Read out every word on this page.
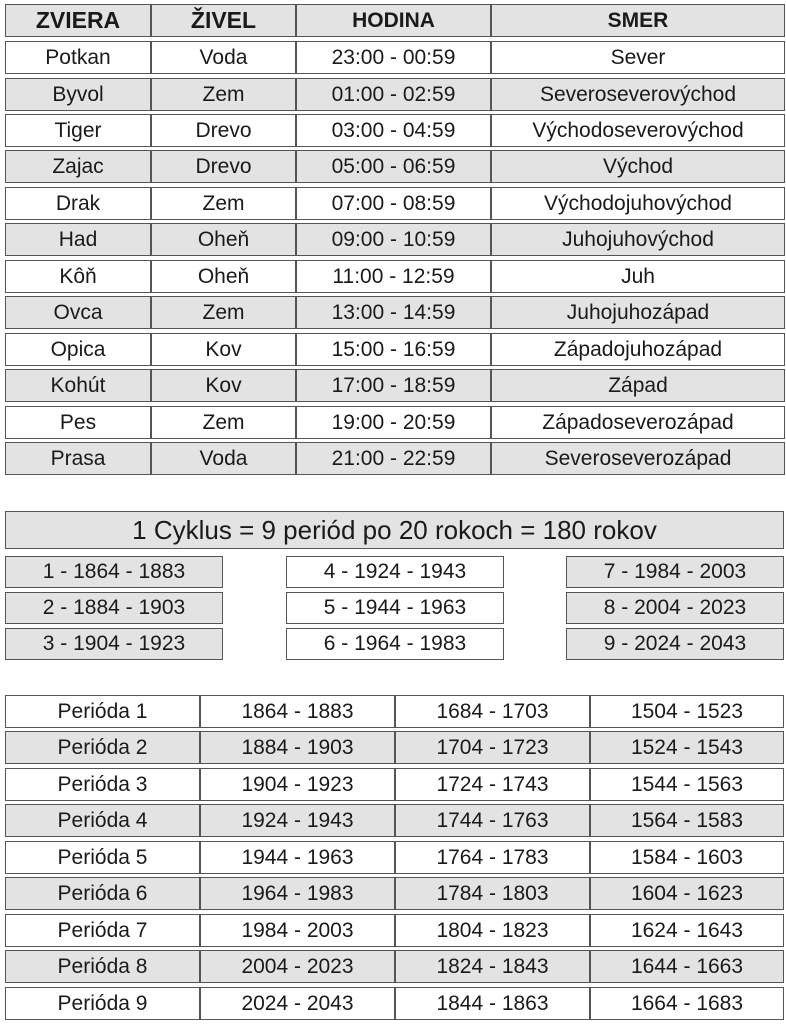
ZVIERA	ŽIVEL	HODINA	SMER
Potkan	Voda	23:00 - 00:59	Sever
Byvol	Zem	01:00 - 02:59	Severoseverovýchod
Tiger	Drevo	03:00 - 04:59	Východoseverovýchod
Zajac	Drevo	05:00 - 06:59	Východ
Drak	Zem	07:00 - 08:59	Východojuhovýchod
Had	Oheň	09:00 - 10:59	Juhojuhovýchod
Kôň	Oheň	11:00 - 12:59	Juh
Ovca	Zem	13:00 - 14:59	Juhojuhozápad
Opica	Kov	15:00 - 16:59	Západojuhozápad
Kohút	Kov	17:00 - 18:59	Západ
Pes	Zem	19:00 - 20:59	Západoseverozápad
Prasa	Voda	21:00 - 22:59	Severoseverozápad
1 Cyklus = 9 periód po 20 rokoch = 180 rokov
1 - 1864 - 1883
2 - 1884 - 1903
3 - 1904 - 1923
4 - 1924 - 1943
5 - 1944 - 1963
6 - 1964 - 1983
7 - 1984 - 2003
8 - 2004 - 2023
9 - 2024 - 2043
Perióda 1	1864 - 1883	1684 - 1703	1504 - 1523
Perióda 2	1884 - 1903	1704 - 1723	1524 - 1543
Perióda 3	1904 - 1923	1724 - 1743	1544 - 1563
Perióda 4	1924 - 1943	1744 - 1763	1564 - 1583
Perióda 5	1944 - 1963	1764 - 1783	1584 - 1603
Perióda 6	1964 - 1983	1784 - 1803	1604 - 1623
Perióda 7	1984 - 2003	1804 - 1823	1624 - 1643
Perióda 8	2004 - 2023	1824 - 1843	1644 - 1663
Perióda 9	2024 - 2043	1844 - 1863	1664 - 1683
